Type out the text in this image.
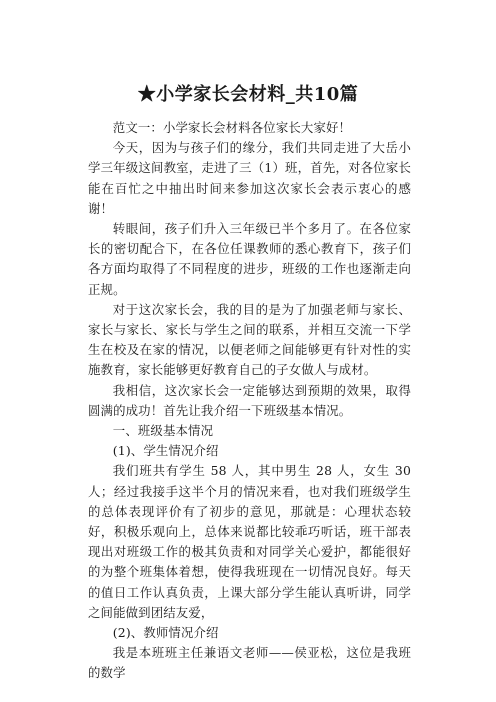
★小学家长会材料_共10篇

范文一：小学家长会材料各位家长大家好！

今天，因为与孩子们的缘分，我们共同走进了大岳小学三年级这间教室，走进了三（1）班，首先，对各位家长能在百忙之中抽出时间来参加这次家长会表示衷心的感谢！

转眼间，孩子们升入三年级已半个多月了。在各位家长的密切配合下，在各位任课教师的悉心教育下，孩子们各方面均取得了不同程度的进步，班级的工作也逐渐走向正规。

对于这次家长会，我的目的是为了加强老师与家长、家长与家长、家长与学生之间的联系，并相互交流一下学生在校及在家的情况，以便老师之间能够更有针对性的实施教育，家长能够更好教育自己的子女做人与成材。

我相信，这次家长会一定能够达到预期的效果，取得圆满的成功！首先让我介绍一下班级基本情况。

一、班级基本情况

(1)、学生情况介绍

我们班共有学生 58 人，其中男生 28 人，女生 30 人；经过我接手这半个月的情况来看，也对我们班级学生的总体表现评价有了初步的意见，那就是：心理状态较好，积极乐观向上，总体来说都比较乖巧听话，班干部表现出对班级工作的极其负责和对同学关心爱护，都能很好的为整个班集体着想，使得我班现在一切情况良好。每天的值日工作认真负责，上课大部分学生能认真听讲，同学之间能做到团结友爱，

(2)、教师情况介绍

我是本班班主任兼语文老师——侯亚松，这位是我班的数学
